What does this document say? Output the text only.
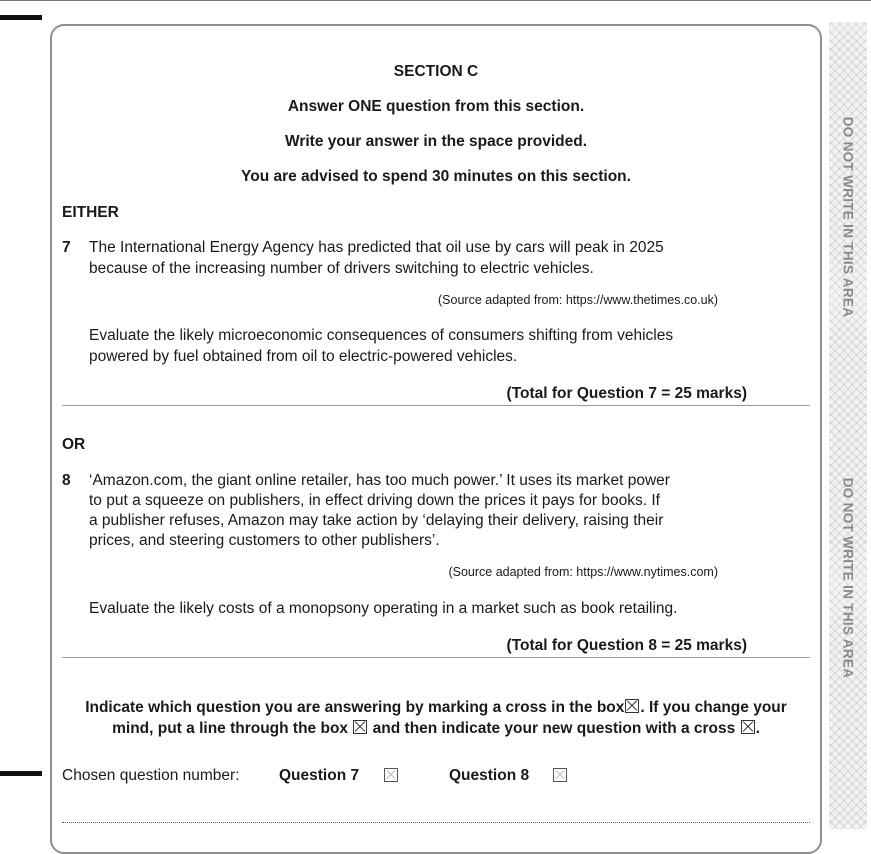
DO NOT WRITE IN THIS AREA
DO NOT WRITE IN THIS AREA
SECTION C
Answer ONE question from this section.
Write your answer in the space provided.
You are advised to spend 30 minutes on this section.
EITHER
7 The International Energy Agency has predicted that oil use by cars will peak in 2025
because of the increasing number of drivers switching to electric vehicles.
(Source adapted from: https://www.thetimes.co.uk)
Evaluate the likely microeconomic consequences of consumers shifting from vehicles
powered by fuel obtained from oil to electric-powered vehicles.
(Total for Question 7 = 25 marks)
OR
8 ‘Amazon.com, the giant online retailer, has too much power.’ It uses its market power
to put a squeeze on publishers, in effect driving down the prices it pays for books. If
a publisher refuses, Amazon may take action by ‘delaying their delivery, raising their
prices, and steering customers to other publishers’.
(Source adapted from: https://www.nytimes.com)
Evaluate the likely costs of a monopsony operating in a market such as book retailing.
(Total for Question 8 = 25 marks)
Indicate which question you are answering by marking a cross in the box☒. If you change your
mind, put a line through the box and then indicate your new question with a cross ☒.
Chosen question number:	Question 7	Question 8
